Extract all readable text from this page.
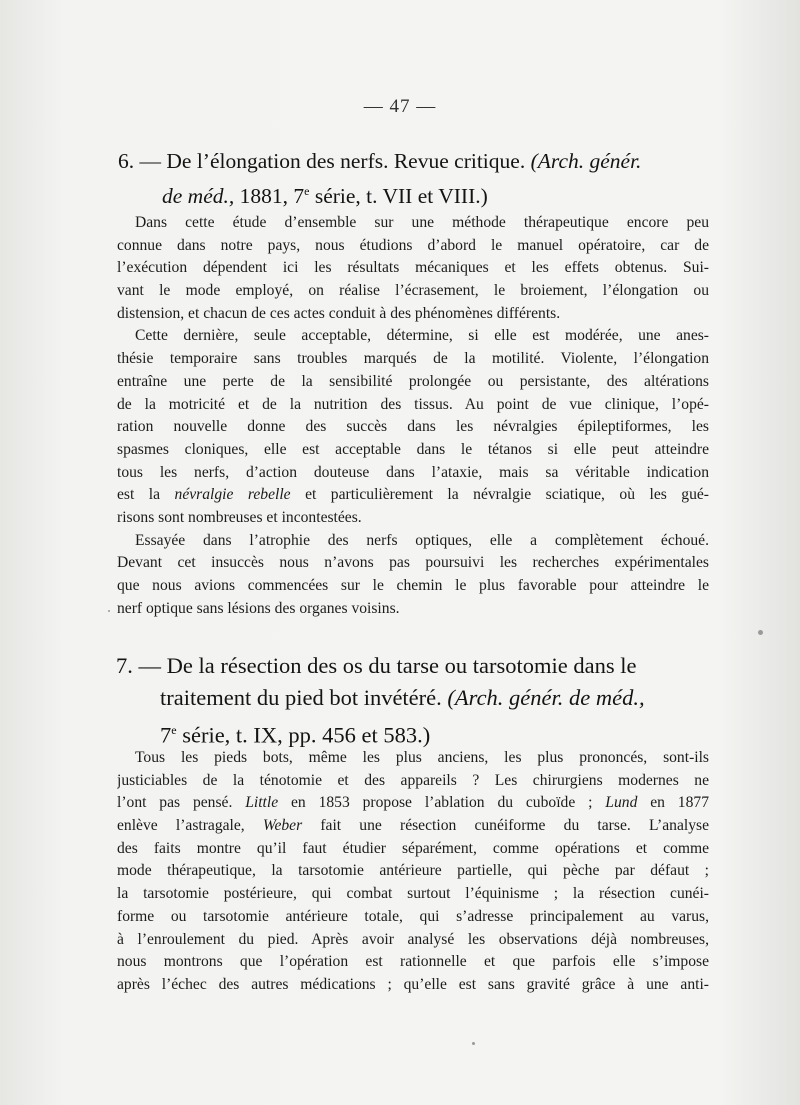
— 47 —
6. — De l’élongation des nerfs. Revue critique. (Arch. génér.
de méd., 1881, 7e série, t. VII et VIII.)
Dans cette étude d’ensemble sur une méthode thérapeutique encore peu
connue dans notre pays, nous étudions d’abord le manuel opératoire, car de
l’exécution dépendent ici les résultats mécaniques et les effets obtenus. Sui-
vant le mode employé, on réalise l’écrasement, le broiement, l’élongation ou
distension, et chacun de ces actes conduit à des phénomènes différents.
Cette dernière, seule acceptable, détermine, si elle est modérée, une anes-
thésie temporaire sans troubles marqués de la motilité. Violente, l’élongation
entraîne une perte de la sensibilité prolongée ou persistante, des altérations
de la motricité et de la nutrition des tissus. Au point de vue clinique, l’opé-
ration nouvelle donne des succès dans les névralgies épileptiformes, les
spasmes cloniques, elle est acceptable dans le tétanos si elle peut atteindre
tous les nerfs, d’action douteuse dans l’ataxie, mais sa véritable indication
est la névralgie rebelle et particulièrement la névralgie sciatique, où les gué-
risons sont nombreuses et incontestées.
Essayée dans l’atrophie des nerfs optiques, elle a complètement échoué.
Devant cet insuccès nous n’avons pas poursuivi les recherches expérimentales
que nous avions commencées sur le chemin le plus favorable pour atteindre le
nerf optique sans lésions des organes voisins.
7. — De la résection des os du tarse ou tarsotomie dans le
traitement du pied bot invétéré. (Arch. génér. de méd.,
7e série, t. IX, pp. 456 et 583.)
Tous les pieds bots, même les plus anciens, les plus prononcés, sont-ils
justiciables de la ténotomie et des appareils ? Les chirurgiens modernes ne
l’ont pas pensé. Little en 1853 propose l’ablation du cuboïde ; Lund en 1877
enlève l’astragale, Weber fait une résection cunéiforme du tarse. L’analyse
des faits montre qu’il faut étudier séparément, comme opérations et comme
mode thérapeutique, la tarsotomie antérieure partielle, qui pèche par défaut ;
la tarsotomie postérieure, qui combat surtout l’équinisme ; la résection cunéi-
forme ou tarsotomie antérieure totale, qui s’adresse principalement au varus,
à l’enroulement du pied. Après avoir analysé les observations déjà nombreuses,
nous montrons que l’opération est rationnelle et que parfois elle s’impose
après l’échec des autres médications ; qu’elle est sans gravité grâce à une anti-
